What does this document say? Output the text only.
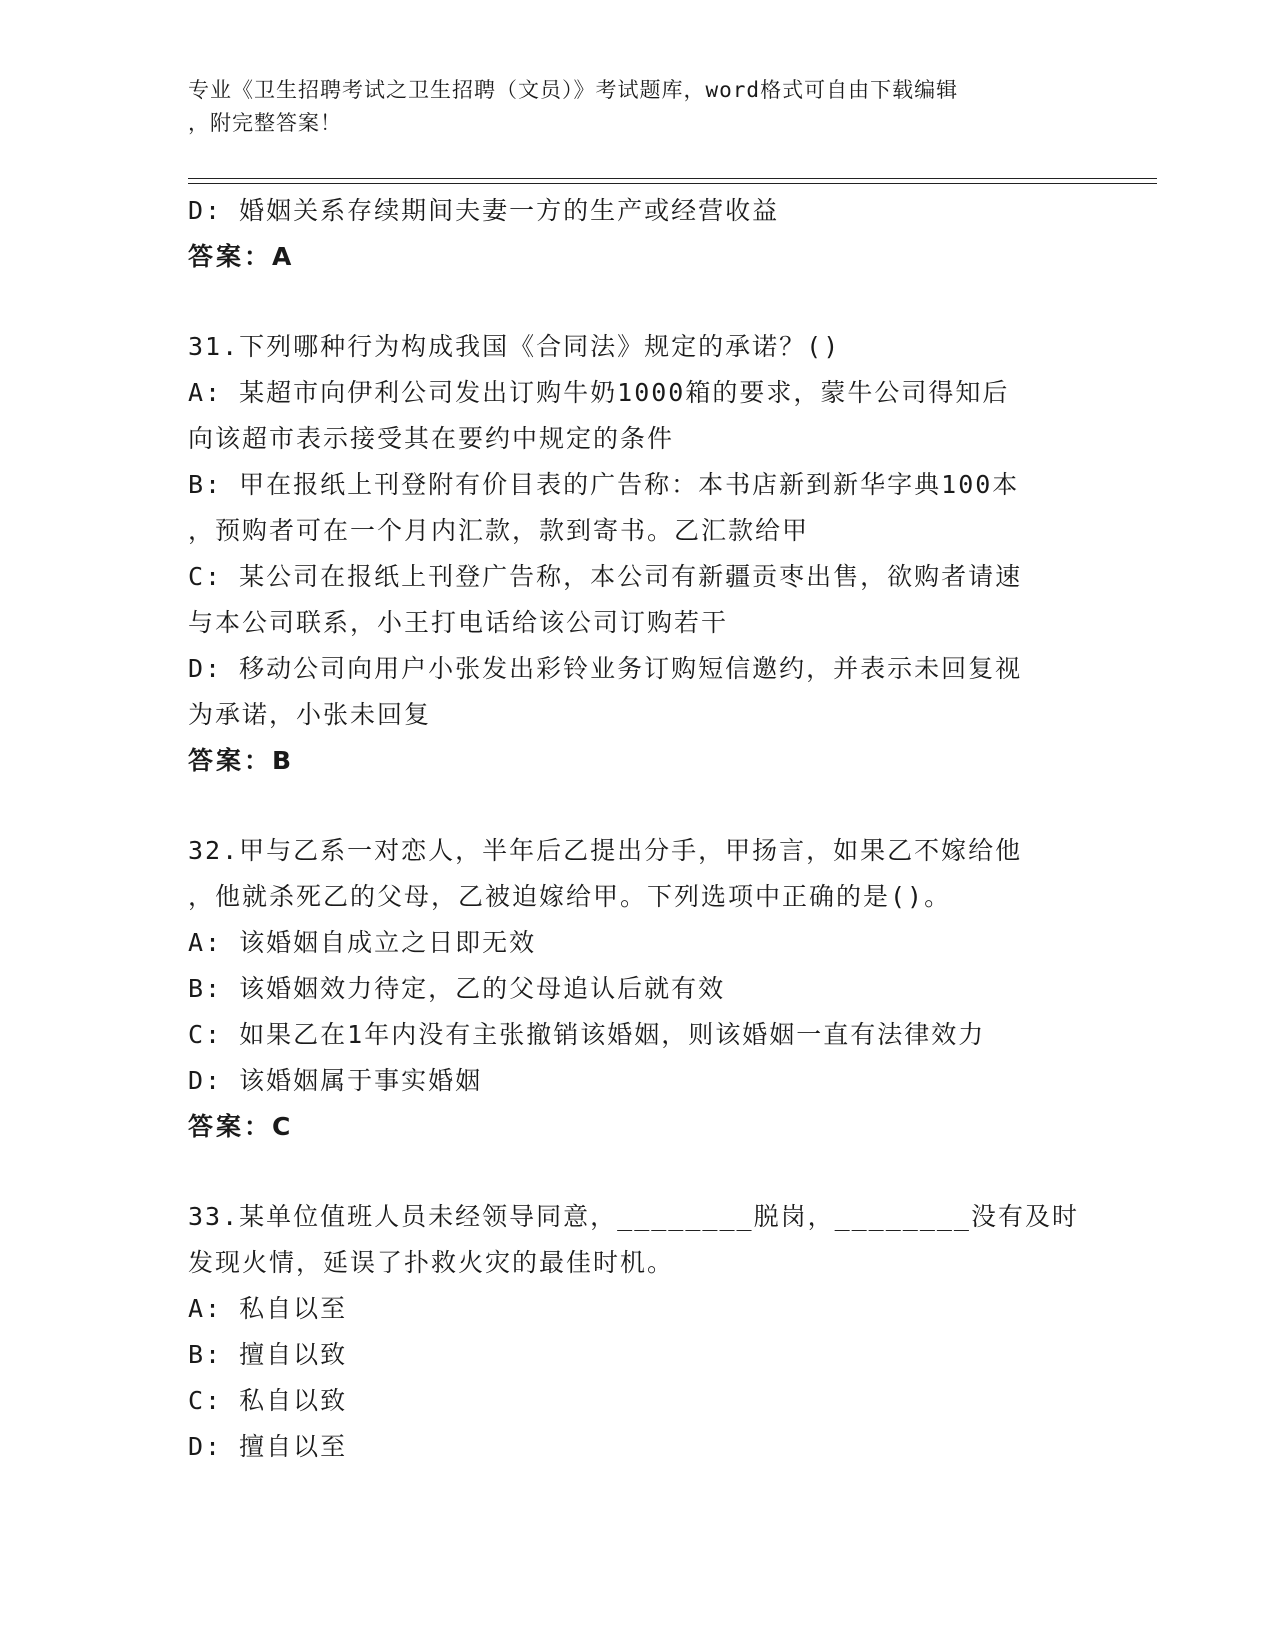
专业《卫生招聘考试之卫生招聘（文员）》考试题库，word格式可自由下载编辑
，附完整答案！
D: 婚姻关系存续期间夫妻一方的生产或经营收益
答案：A
31.下列哪种行为构成我国《合同法》规定的承诺？()
A: 某超市向伊利公司发出订购牛奶1000箱的要求，蒙牛公司得知后
向该超市表示接受其在要约中规定的条件
B: 甲在报纸上刊登附有价目表的广告称：本书店新到新华字典100本
，预购者可在一个月内汇款，款到寄书。乙汇款给甲
C: 某公司在报纸上刊登广告称，本公司有新疆贡枣出售，欲购者请速
与本公司联系，小王打电话给该公司订购若干
D: 移动公司向用户小张发出彩铃业务订购短信邀约，并表示未回复视
为承诺，小张未回复
答案：B
32.甲与乙系一对恋人，半年后乙提出分手，甲扬言，如果乙不嫁给他
，他就杀死乙的父母，乙被迫嫁给甲。下列选项中正确的是()。
A: 该婚姻自成立之日即无效
B: 该婚姻效力待定，乙的父母追认后就有效
C: 如果乙在1年内没有主张撤销该婚姻，则该婚姻一直有法律效力
D: 该婚姻属于事实婚姻
答案：C
33.某单位值班人员未经领导同意，________脱岗，________没有及时
发现火情，延误了扑救火灾的最佳时机。
A: 私自以至
B: 擅自以致
C: 私自以致
D: 擅自以至
